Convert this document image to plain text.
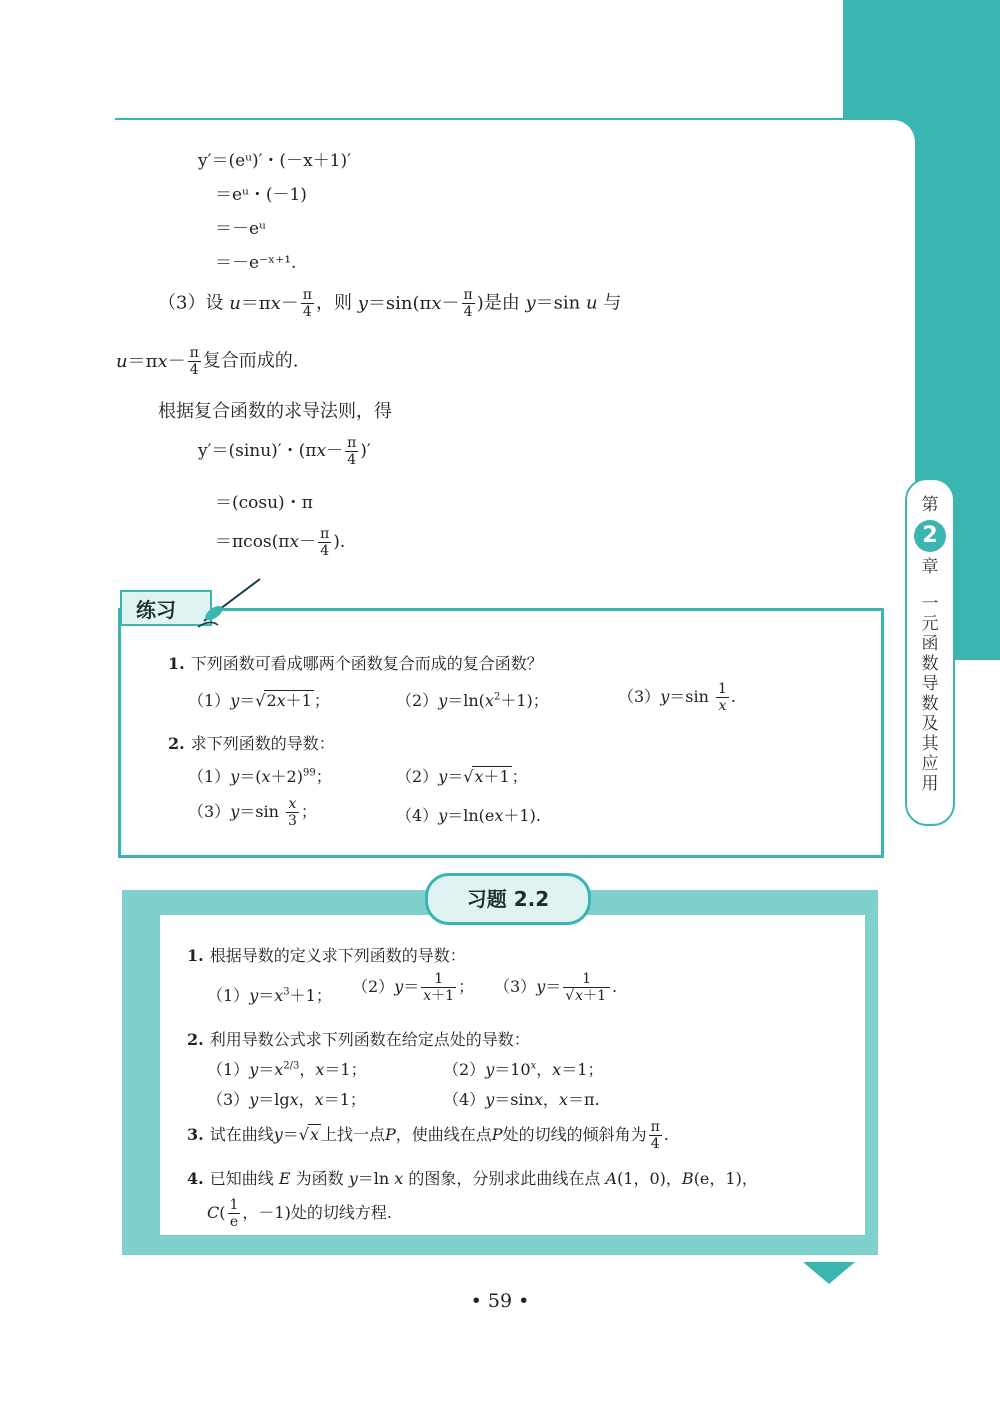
第
2
章
一元函数导数及其应用
y′＝(eᵘ)′・(－x＋1)′
＝eᵘ・(－1)
＝－eᵘ
＝－e⁻ˣ⁺¹.
（3）设 $u=\pi x- \frac{\pi}{4}$ ，则 $y=\sin(\pi x- \frac{\pi}{4}$ )是由 y＝sin u 与
$u=\pi x- \frac{\pi}{4}$ 复合而成的.
根据复合函数的求导法则，得
y′＝(sinu)′・($\pi x- \frac{\pi}{4}$ )′
＝(cosu)・π
$=\pi\cos(\pi x- \frac{\pi}{4}$ ).
练习
1. 下列函数可看成哪两个函数复合而成的复合函数？
（1）y＝√2x＋1 ；	$(2)y=\ln(x^2+1)$；	$(3)y=\sin \frac{1}{x}$ .
2. 求下列函数的导数：
$(1)y=(x+2)^{99}$；	（2）y＝√x＋1 ；
$(3)y=\sin \frac{x}{3}$ ；	（4）y＝ln(ex＋1).
习题 2.2
1. 根据导数的定义求下列函数的导数：
$(1)y=x^3+1$； $(2)y= \frac{1}{x+1}$ ； $(3)y= \frac{1}{√x+1}$ .
2. 利用导数公式求下列函数在给定点处的导数：
$(1)y=x^{2/3}$，x＝1；	$(2)y=10^x$，x＝1；
（3）y＝lgx，x＝1；	（4）y＝sinx，x＝π.
3. 试在曲线y＝√x 上找一点P，使曲线在点P处的切线的倾斜角为 $\frac{\pi}{4}$ .
4. 已知曲线 E 为函数 y＝ln x 的图象，分别求此曲线在点 A(1，0)，B(e，1)，
$C( \frac{1}{e}$ ，－1)处的切线方程.
• 59 •
